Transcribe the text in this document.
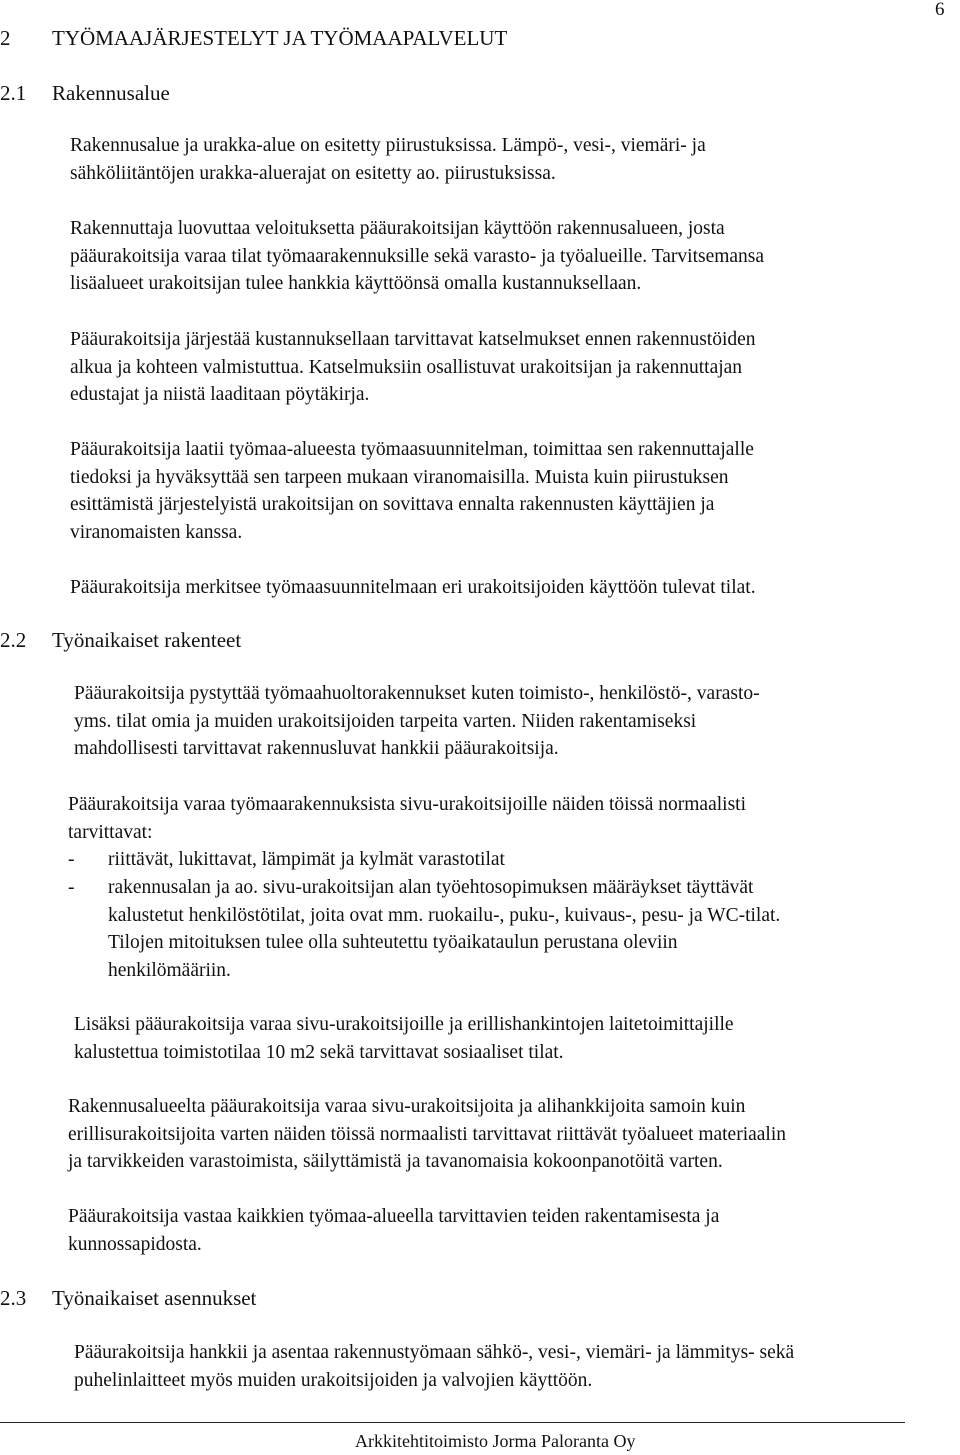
6
2 TYÖMAAJÄRJESTELYT JA TYÖMAAPALVELUT
2.1 Rakennusalue
Rakennusalue ja urakka-alue on esitetty piirustuksissa. Lämpö-, vesi-, viemäri- ja
sähköliitäntöjen urakka-aluerajat on esitetty ao. piirustuksissa.
Rakennuttaja luovuttaa veloituksetta pääurakoitsijan käyttöön rakennusalueen, josta
pääurakoitsija varaa tilat työmaarakennuksille sekä varasto- ja työalueille. Tarvitsemansa
lisäalueet urakoitsijan tulee hankkia käyttöönsä omalla kustannuksellaan.
Pääurakoitsija järjestää kustannuksellaan tarvittavat katselmukset ennen rakennustöiden
alkua ja kohteen valmistuttua. Katselmuksiin osallistuvat urakoitsijan ja rakennuttajan
edustajat ja niistä laaditaan pöytäkirja.
Pääurakoitsija laatii työmaa-alueesta työmaasuunnitelman, toimittaa sen rakennuttajalle
tiedoksi ja hyväksyttää sen tarpeen mukaan viranomaisilla. Muista kuin piirustuksen
esittämistä järjestelyistä urakoitsijan on sovittava ennalta rakennusten käyttäjien ja
viranomaisten kanssa.
Pääurakoitsija merkitsee työmaasuunnitelmaan eri urakoitsijoiden käyttöön tulevat tilat.
2.2 Työnaikaiset rakenteet
Pääurakoitsija pystyttää työmaahuoltorakennukset kuten toimisto-, henkilöstö-, varasto-
yms. tilat omia ja muiden urakoitsijoiden tarpeita varten. Niiden rakentamiseksi
mahdollisesti tarvittavat rakennusluvat hankkii pääurakoitsija.
Pääurakoitsija varaa työmaarakennuksista sivu-urakoitsijoille näiden töissä normaalisti
tarvittavat:
- riittävät, lukittavat, lämpimät ja kylmät varastotilat
- rakennusalan ja ao. sivu-urakoitsijan alan työehtosopimuksen määräykset täyttävät
kalustetut henkilöstötilat, joita ovat mm. ruokailu-, puku-, kuivaus-, pesu- ja WC-tilat.
Tilojen mitoituksen tulee olla suhteutettu työaikataulun perustana oleviin
henkilömääriin.
Lisäksi pääurakoitsija varaa sivu-urakoitsijoille ja erillishankintojen laitetoimittajille
kalustettua toimistotilaa 10 m2 sekä tarvittavat sosiaaliset tilat.
Rakennusalueelta pääurakoitsija varaa sivu-urakoitsijoita ja alihankkijoita samoin kuin
erillisurakoitsijoita varten näiden töissä normaalisti tarvittavat riittävät työalueet materiaalin
ja tarvikkeiden varastoimista, säilyttämistä ja tavanomaisia kokoonpanotöitä varten.
Pääurakoitsija vastaa kaikkien työmaa-alueella tarvittavien teiden rakentamisesta ja
kunnossapidosta.
2.3 Työnaikaiset asennukset
Pääurakoitsija hankkii ja asentaa rakennustyömaan sähkö-, vesi-, viemäri- ja lämmitys- sekä
puhelinlaitteet myös muiden urakoitsijoiden ja valvojien käyttöön.
Arkkitehtitoimisto Jorma Paloranta Oy
